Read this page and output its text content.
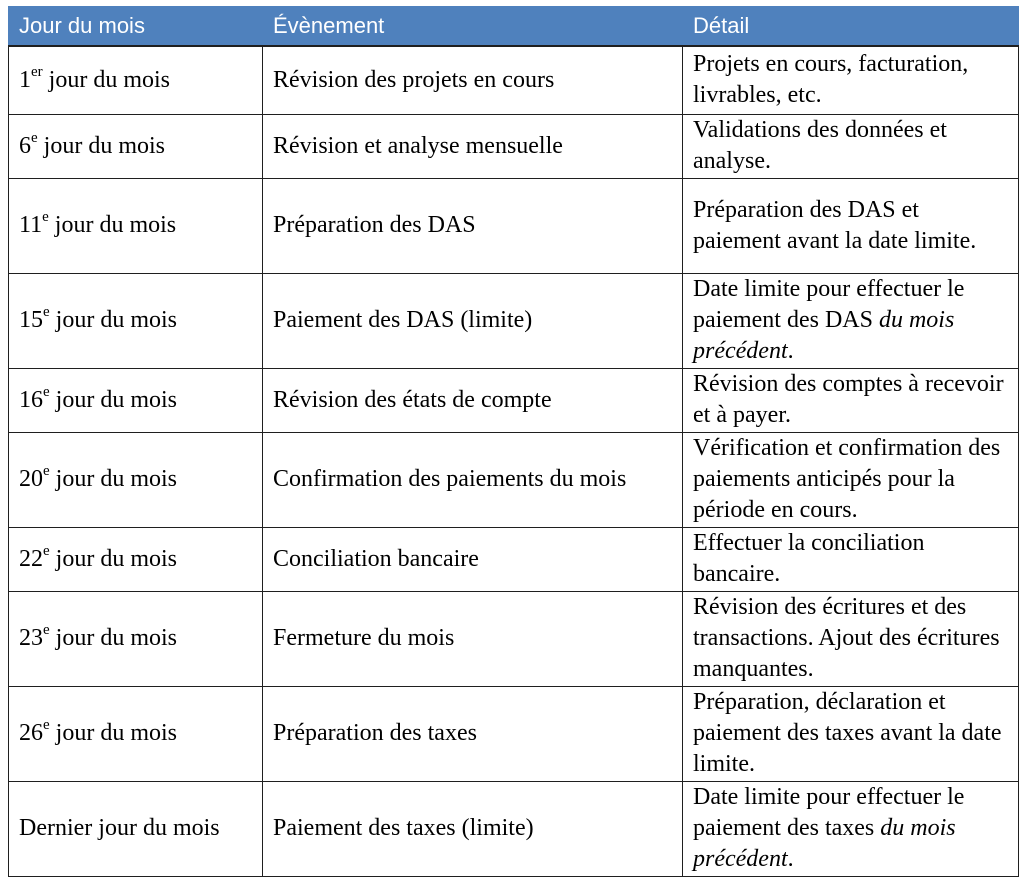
Jour du mois	Évènement	Détail
1er jour du mois	Révision des projets en cours	Projets en cours, facturation, livrables, etc.
6e jour du mois	Révision et analyse mensuelle	Validations des données et analyse.
11e jour du mois	Préparation des DAS	Préparation des DAS et paiement avant la date limite.
15e jour du mois	Paiement des DAS (limite)	Date limite pour effectuer le paiement des DAS du mois précédent.
16e jour du mois	Révision des états de compte	Révision des comptes à recevoir et à payer.
20e jour du mois	Confirmation des paiements du mois	Vérification et confirmation des paiements anticipés pour la période en cours.
22e jour du mois	Conciliation bancaire	Effectuer la conciliation bancaire.
23e jour du mois	Fermeture du mois	Révision des écritures et des transactions. Ajout des écritures manquantes.
26e jour du mois	Préparation des taxes	Préparation, déclaration et paiement des taxes avant la date limite.
Dernier jour du mois	Paiement des taxes (limite)	Date limite pour effectuer le paiement des taxes du mois précédent.
